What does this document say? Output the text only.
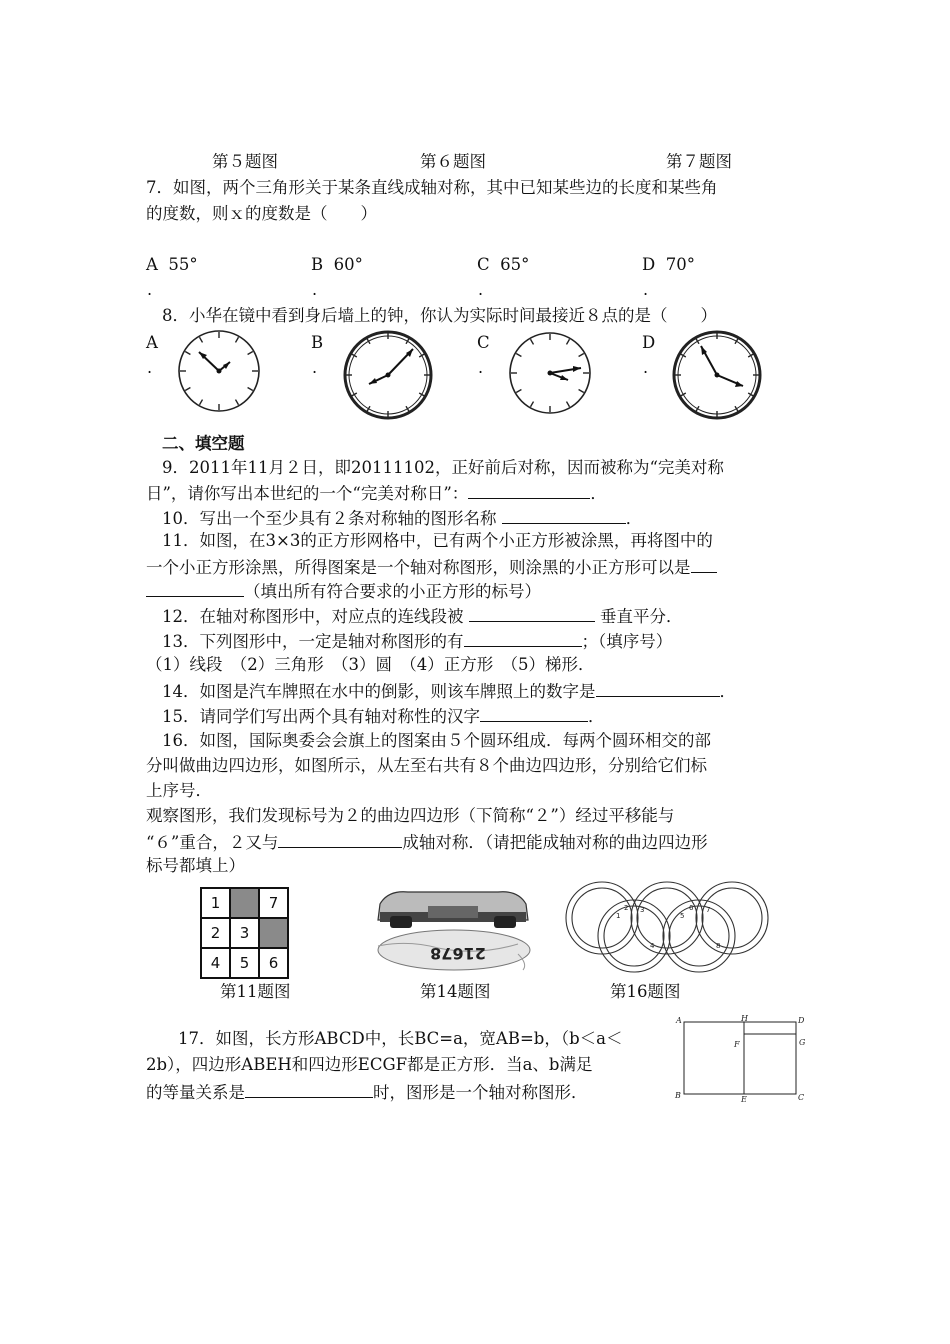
第５题图	第６题图	第７题图
7．如图，两个三角形关于某条直线成轴对称，其中已知某些边的长度和某些角
的度数，则ｘ的度数是（　　）
A 55°	B 60°	C 65°	D 70°
.	.	.	.
8．小华在镜中看到身后墙上的钟，你认为实际时间最接近８点的是（　　）
A	B	C	D
.	.	.	.
二、填空题
9．2011年11月２日，即20111102，正好前后对称，因而被称为“完美对称
日”，请你写出本世纪的一个“完美对称日”：	．
10．写出一个至少具有２条对称轴的图形名称	．
11．如图，在3×3的正方形网格中，已有两个小正方形被涂黑，再将图中的
一个小正方形涂黑，所得图案是一个轴对称图形，则涂黑的小正方形可以是
（填出所有符合要求的小正方形的标号）
12．在轴对称图形中，对应点的连线段被	垂直平分．
13．下列图形中，一定是轴对称图形的有	；（填序号）
（1）线段　（2）三角形　（3）圆　（4）正方形　（5）梯形．
14．如图是汽车牌照在水中的倒影，则该车牌照上的数字是	．
15．请同学们写出两个具有轴对称性的汉字	．
16．如图，国际奥委会会旗上的图案由５个圆环组成．每两个圆环相交的部
分叫做曲边四边形，如图所示，从左至右共有８个曲边四边形，分别给它们标
上序号．
观察图形，我们发现标号为２的曲边四边形（下简称“２”）经过平移能与
“６”重合，２又与	成轴对称．（请把能成轴对称的曲边四边形
标号都填上）
1		7
2	3	
4	5	6	21678
1
2 3
4
5
6 7
8
第11题图	第14题图	第16题图
17．如图，长方形ABCD中，长BC=a，宽AB=b，（b＜a＜
2b），四边形ABEH和四边形ECGF都是正方形．当a、b满足
的等量关系是	时，图形是一个轴对称图形．
A	H	D
F	G
B	E	C
